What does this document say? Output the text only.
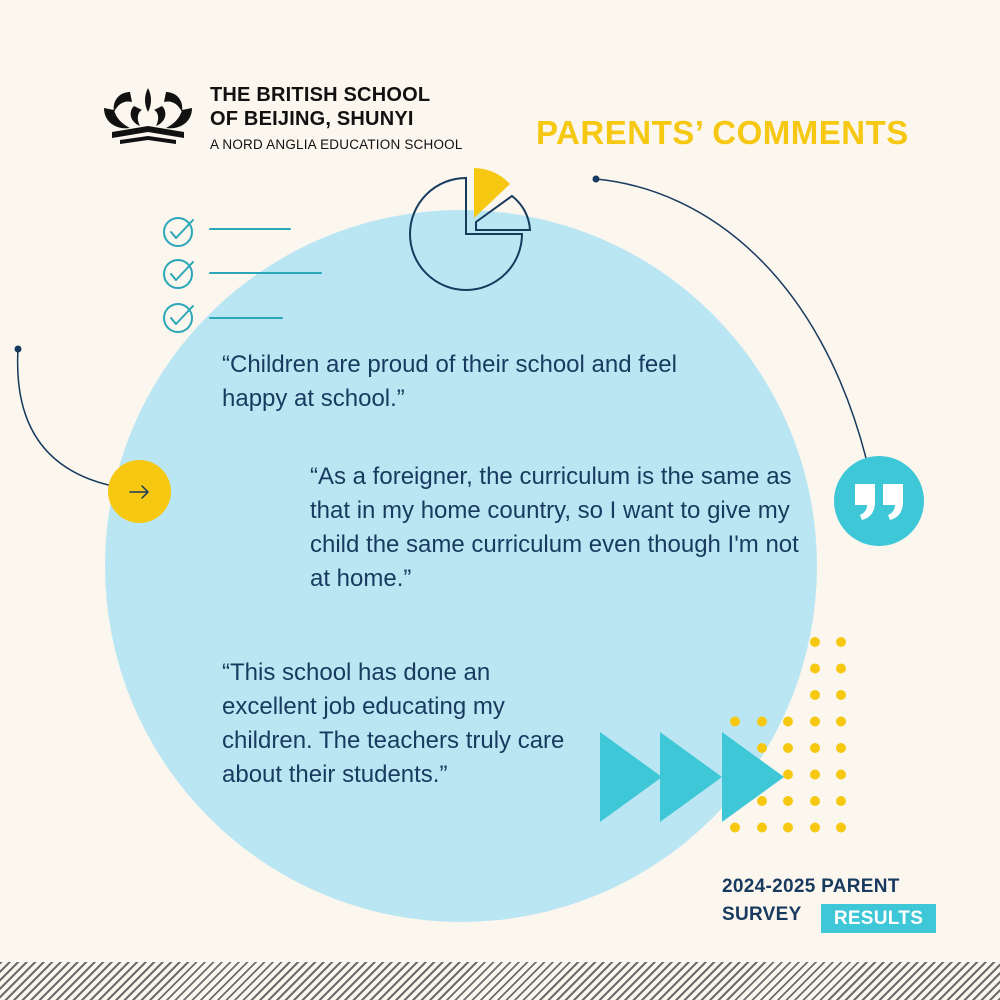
THE BRITISH SCHOOL
OF BEIJING, SHUNYI
A NORD ANGLIA EDUCATION SCHOOL PARENTS’ COMMENTS

“Children are proud of their school and feel happy at school.”

“As a foreigner, the curriculum is the same as that in my home country, so I want to give my child the same curriculum even though I'm not at home.”

“This school has done an excellent job educating my children. The teachers truly care about their students.”

2024-2025 PARENT
SURVEY	RESULTS
